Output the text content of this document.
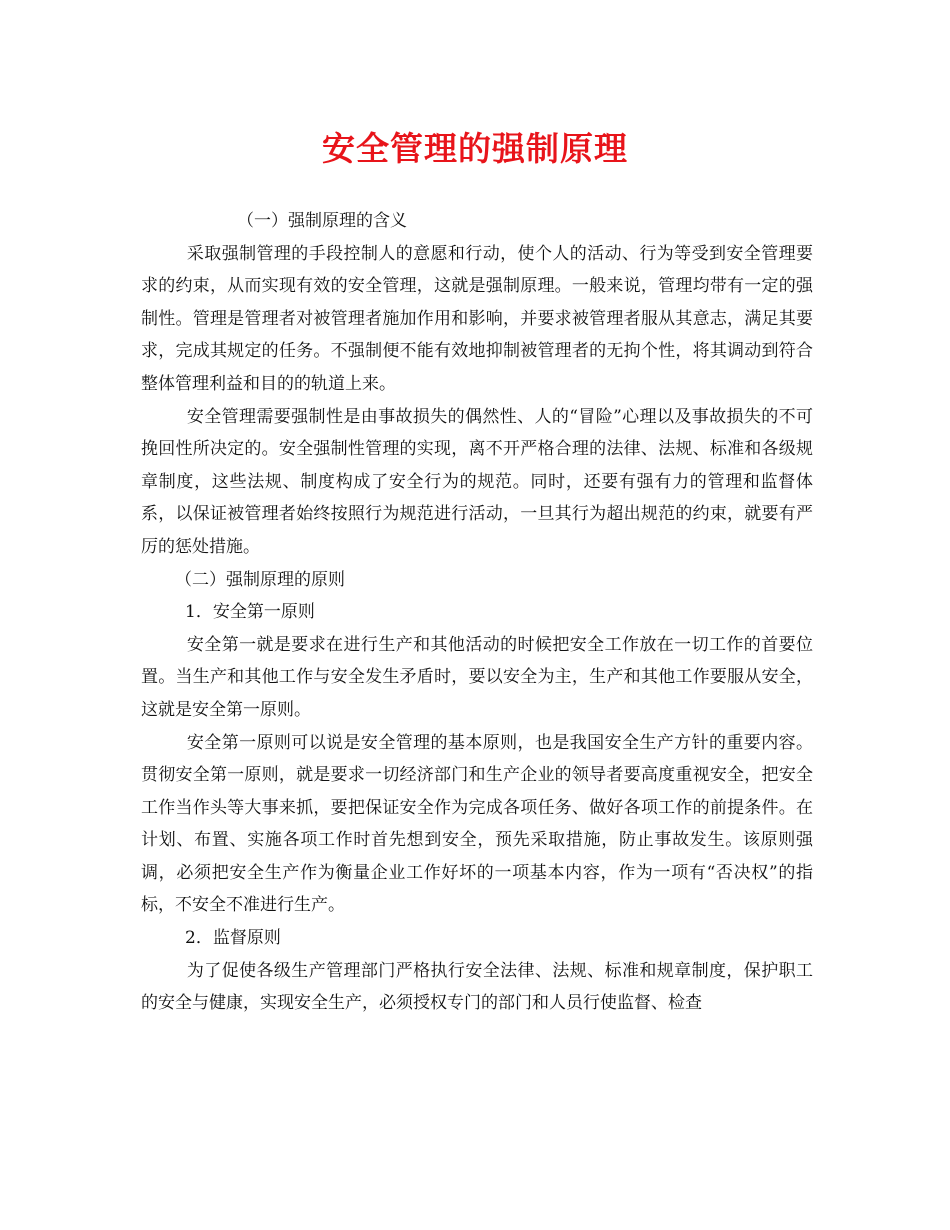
安全管理的强制原理

（一）强制原理的含义

采取强制管理的手段控制人的意愿和行动，使个人的活动、行为等受到安全管理要求的约束，从而实现有效的安全管理，这就是强制原理。一般来说，管理均带有一定的强制性。管理是管理者对被管理者施加作用和影响，并要求被管理者服从其意志，满足其要求，完成其规定的任务。不强制便不能有效地抑制被管理者的无拘个性，将其调动到符合整体管理利益和目的的轨道上来。

安全管理需要强制性是由事故损失的偶然性、人的“冒险”心理以及事故损失的不可挽回性所决定的。安全强制性管理的实现，离不开严格合理的法律、法规、标准和各级规章制度，这些法规、制度构成了安全行为的规范。同时，还要有强有力的管理和监督体系，以保证被管理者始终按照行为规范进行活动，一旦其行为超出规范的约束，就要有严厉的惩处措施。

（二）强制原理的原则

1．安全第一原则

安全第一就是要求在进行生产和其他活动的时候把安全工作放在一切工作的首要位置。当生产和其他工作与安全发生矛盾时，要以安全为主，生产和其他工作要服从安全，这就是安全第一原则。

安全第一原则可以说是安全管理的基本原则，也是我国安全生产方针的重要内容。贯彻安全第一原则，就是要求一切经济部门和生产企业的领导者要高度重视安全，把安全工作当作头等大事来抓，要把保证安全作为完成各项任务、做好各项工作的前提条件。在计划、布置、实施各项工作时首先想到安全，预先采取措施，防止事故发生。该原则强调，必须把安全生产作为衡量企业工作好坏的一项基本内容，作为一项有“否决权”的指标，不安全不准进行生产。

2．监督原则

为了促使各级生产管理部门严格执行安全法律、法规、标准和规章制度，保护职工的安全与健康，实现安全生产，必须授权专门的部门和人员行使监督、检查
